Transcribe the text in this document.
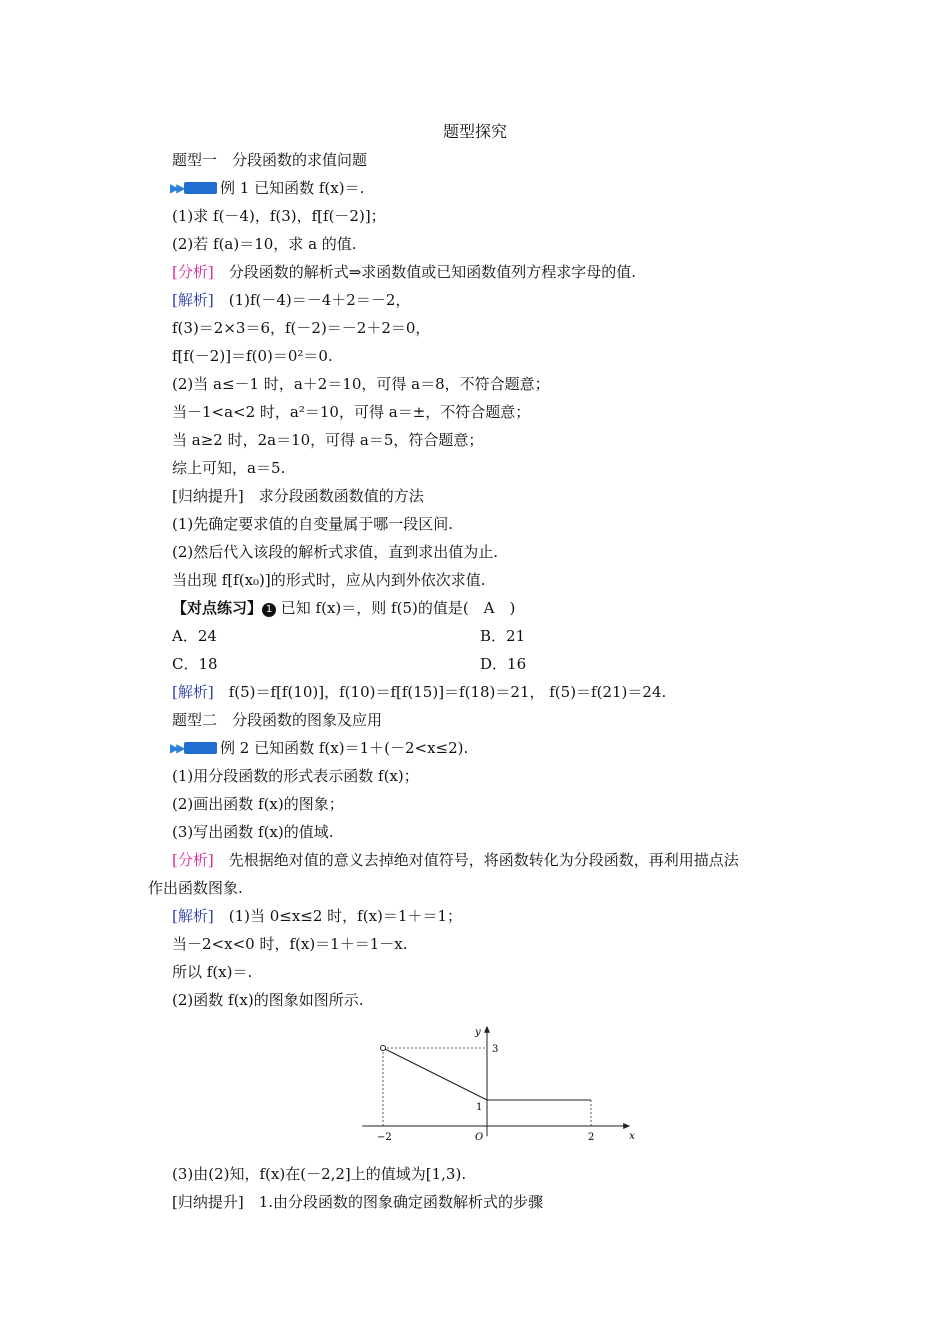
题型探究
题型一　分段函数的求值问题
▶▶	例 1 已知函数 f(x)＝.
(1)求 f(－4)，f(3)，f[f(－2)]；
(2)若 f(a)＝10，求 a 的值.
[分析]　分段函数的解析式⇒求函数值或已知函数值列方程求字母的值.
[解析]　(1)f(－4)＝－4＋2＝－2，
f(3)＝2×3＝6，f(－2)＝－2＋2＝0，
f[f(－2)]＝f(0)＝0²＝0.
(2)当 a≤－1 时，a＋2＝10，可得 a＝8，不符合题意；
当－1<a<2 时，a²＝10，可得 a＝±，不符合题意；
当 a≥2 时，2a＝10，可得 a＝5，符合题意；
综上可知，a＝5.
[归纳提升]　求分段函数函数值的方法
(1)先确定要求值的自变量属于哪一段区间.
(2)然后代入该段的解析式求值，直到求出值为止.
当出现 f[f(x₀)]的形式时，应从内到外依次求值.
【对点练习】 1 已知 f(x)＝，则 f(5)的值是(　A　)
A．24	B．21
C．18	D．16
[解析]　f(5)＝f[f(10)]，f(10)＝f[f(15)]＝f(18)＝21， f(5)＝f(21)＝24.
题型二　分段函数的图象及应用
▶▶	例 2 已知函数 f(x)＝1＋(－2<x≤2).
(1)用分段函数的形式表示函数 f(x)；
(2)画出函数 f(x)的图象；
(3)写出函数 f(x)的值域.
[分析]　先根据绝对值的意义去掉绝对值符号，将函数转化为分段函数，再利用描点法
作出函数图象.
[解析]　(1)当 0≤x≤2 时，f(x)＝1＋＝1；
当－2<x<0 时，f(x)＝1＋＝1－x.
所以 f(x)＝.
(2)函数 f(x)的图象如图所示.
x
y
O
−2	2
1
3
(3)由(2)知，f(x)在(－2,2]上的值域为[1,3).
[归纳提升]　1.由分段函数的图象确定函数解析式的步骤
